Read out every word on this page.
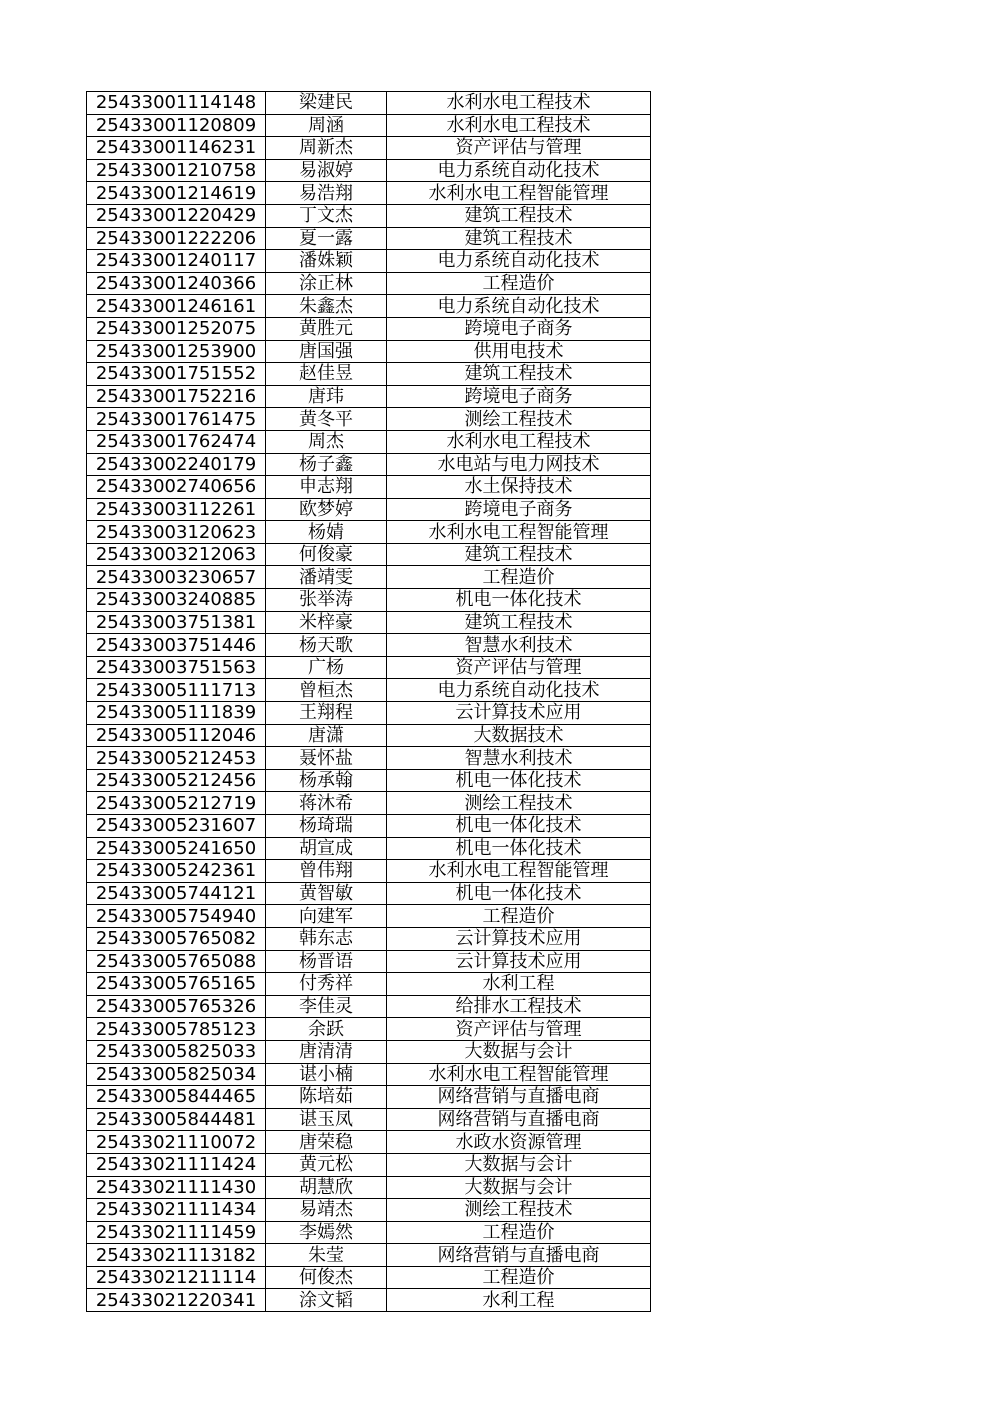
25433001114148	梁建民	水利水电工程技术
25433001120809	周涵	水利水电工程技术
25433001146231	周新杰	资产评估与管理
25433001210758	易淑婷	电力系统自动化技术
25433001214619	易浩翔	水利水电工程智能管理
25433001220429	丁文杰	建筑工程技术
25433001222206	夏一露	建筑工程技术
25433001240117	潘姝颖	电力系统自动化技术
25433001240366	涂正林	工程造价
25433001246161	朱鑫杰	电力系统自动化技术
25433001252075	黄胜元	跨境电子商务
25433001253900	唐国强	供用电技术
25433001751552	赵佳昱	建筑工程技术
25433001752216	唐玮	跨境电子商务
25433001761475	黄冬平	测绘工程技术
25433001762474	周杰	水利水电工程技术
25433002240179	杨子鑫	水电站与电力网技术
25433002740656	申志翔	水土保持技术
25433003112261	欧梦婷	跨境电子商务
25433003120623	杨婧	水利水电工程智能管理
25433003212063	何俊豪	建筑工程技术
25433003230657	潘靖雯	工程造价
25433003240885	张举涛	机电一体化技术
25433003751381	米梓豪	建筑工程技术
25433003751446	杨天歌	智慧水利技术
25433003751563	广杨	资产评估与管理
25433005111713	曾桓杰	电力系统自动化技术
25433005111839	王翔程	云计算技术应用
25433005112046	唐潇	大数据技术
25433005212453	聂怀盐	智慧水利技术
25433005212456	杨承翰	机电一体化技术
25433005212719	蒋沐希	测绘工程技术
25433005231607	杨琦瑞	机电一体化技术
25433005241650	胡宣成	机电一体化技术
25433005242361	曾伟翔	水利水电工程智能管理
25433005744121	黄智敏	机电一体化技术
25433005754940	向建军	工程造价
25433005765082	韩东志	云计算技术应用
25433005765088	杨晋语	云计算技术应用
25433005765165	付秀祥	水利工程
25433005765326	李佳灵	给排水工程技术
25433005785123	余跃	资产评估与管理
25433005825033	唐清清	大数据与会计
25433005825034	谌小楠	水利水电工程智能管理
25433005844465	陈培茹	网络营销与直播电商
25433005844481	谌玉凤	网络营销与直播电商
25433021110072	唐荣稳	水政水资源管理
25433021111424	黄元松	大数据与会计
25433021111430	胡慧欣	大数据与会计
25433021111434	易靖杰	测绘工程技术
25433021111459	李嫣然	工程造价
25433021113182	朱莹	网络营销与直播电商
25433021211114	何俊杰	工程造价
25433021220341	涂文韬	水利工程
